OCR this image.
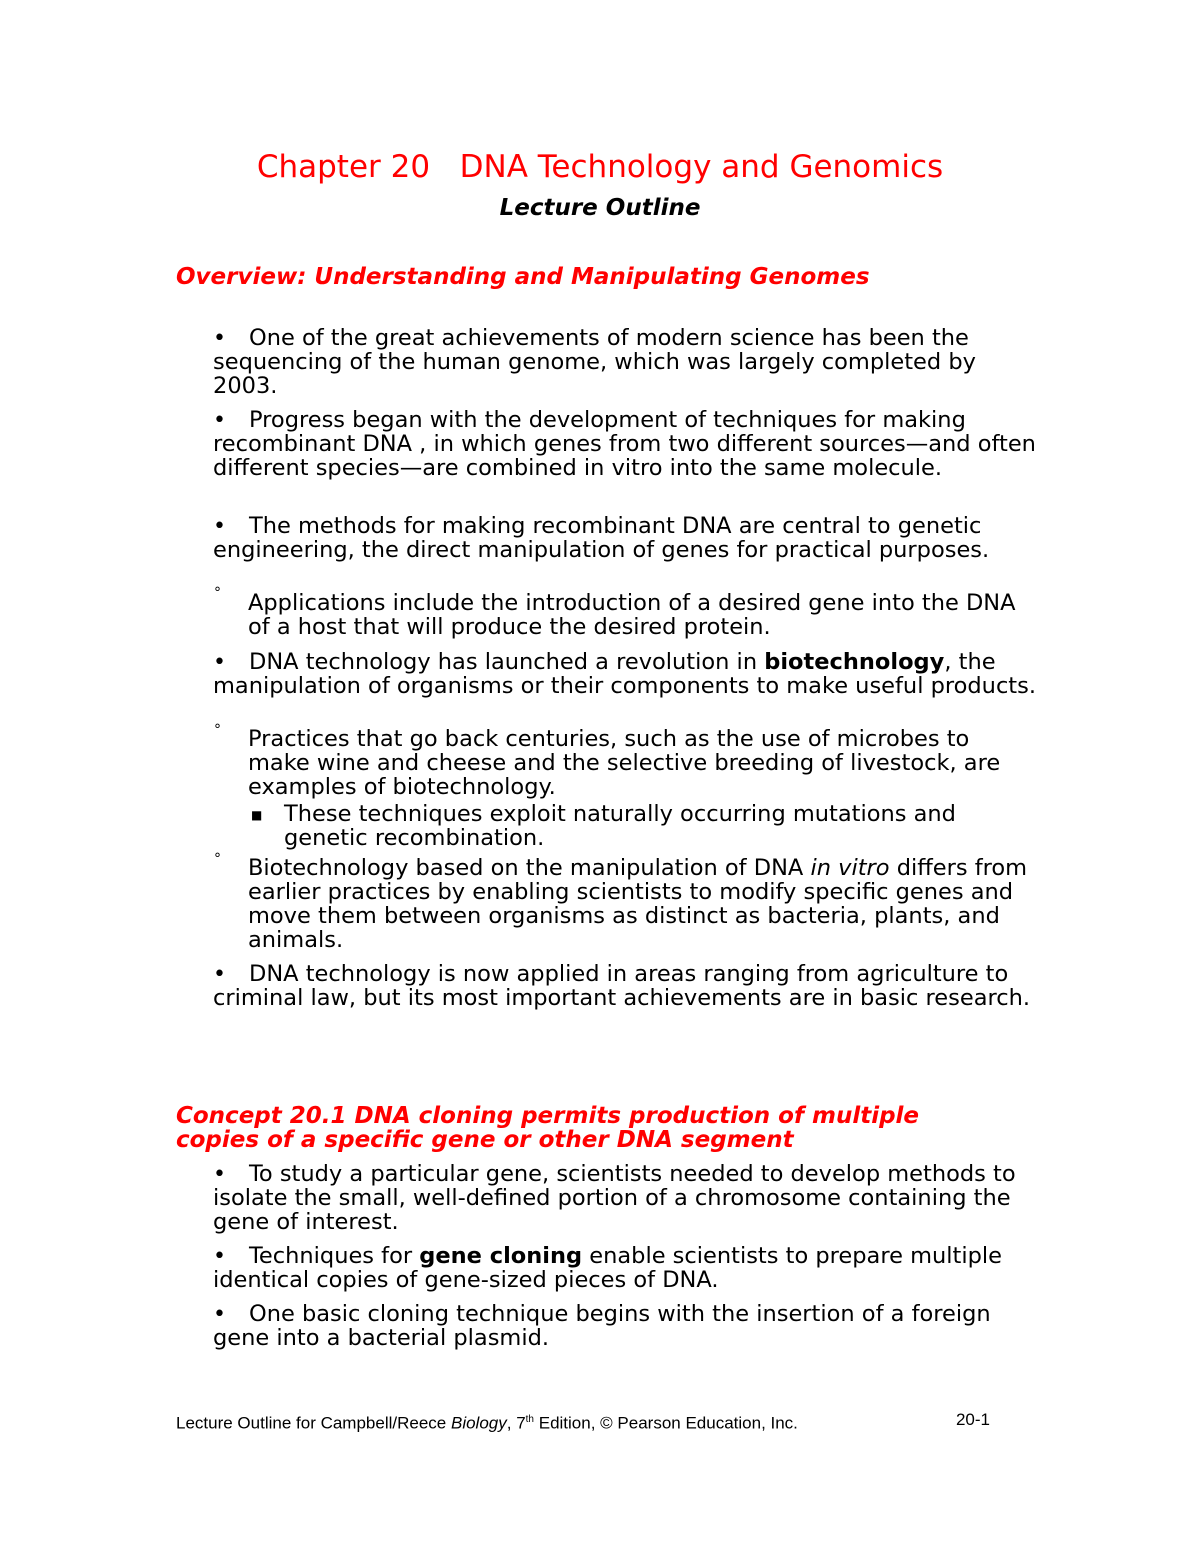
Chapter 20 DNA Technology and Genomics
Lecture Outline
Overview: Understanding and Manipulating Genomes
•	One of the great achievements of modern science has been the sequencing of the human genome, which was largely completed by 2003.

•	Progress began with the development of techniques for making recombinant DNA , in which genes from two different sources—and often different species—are combined in vitro into the same molecule.

•	The methods for making recombinant DNA are central to genetic engineering, the direct manipulation of genes for practical purposes.

° Applications include the introduction of a desired gene into the DNA of a host that will produce the desired protein.

•	DNA technology has launched a revolution in biotechnology, the manipulation of organisms or their components to make useful products.

° Practices that go back centuries, such as the use of microbes to make wine and cheese and the selective breeding of livestock, are examples of biotechnology.

■ These techniques exploit naturally occurring mutations and genetic recombination.

° Biotechnology based on the manipulation of DNA in vitro differs from earlier practices by enabling scientists to modify specific genes and move them between organisms as distinct as bacteria, plants, and animals.

•	DNA technology is now applied in areas ranging from agriculture to criminal law, but its most important achievements are in basic research.

Concept 20.1 DNA cloning permits production of multiple copies of a specific gene or other DNA segment
•	To study a particular gene, scientists needed to develop methods to isolate the small, well-defined portion of a chromosome containing the gene of interest.

•	Techniques for gene cloning enable scientists to prepare multiple identical copies of gene-sized pieces of DNA.

•	One basic cloning technique begins with the insertion of a foreign gene into a bacterial plasmid.

Lecture Outline for Campbell/Reece Biology, 7th Edition, © Pearson Education, Inc.	20-1
